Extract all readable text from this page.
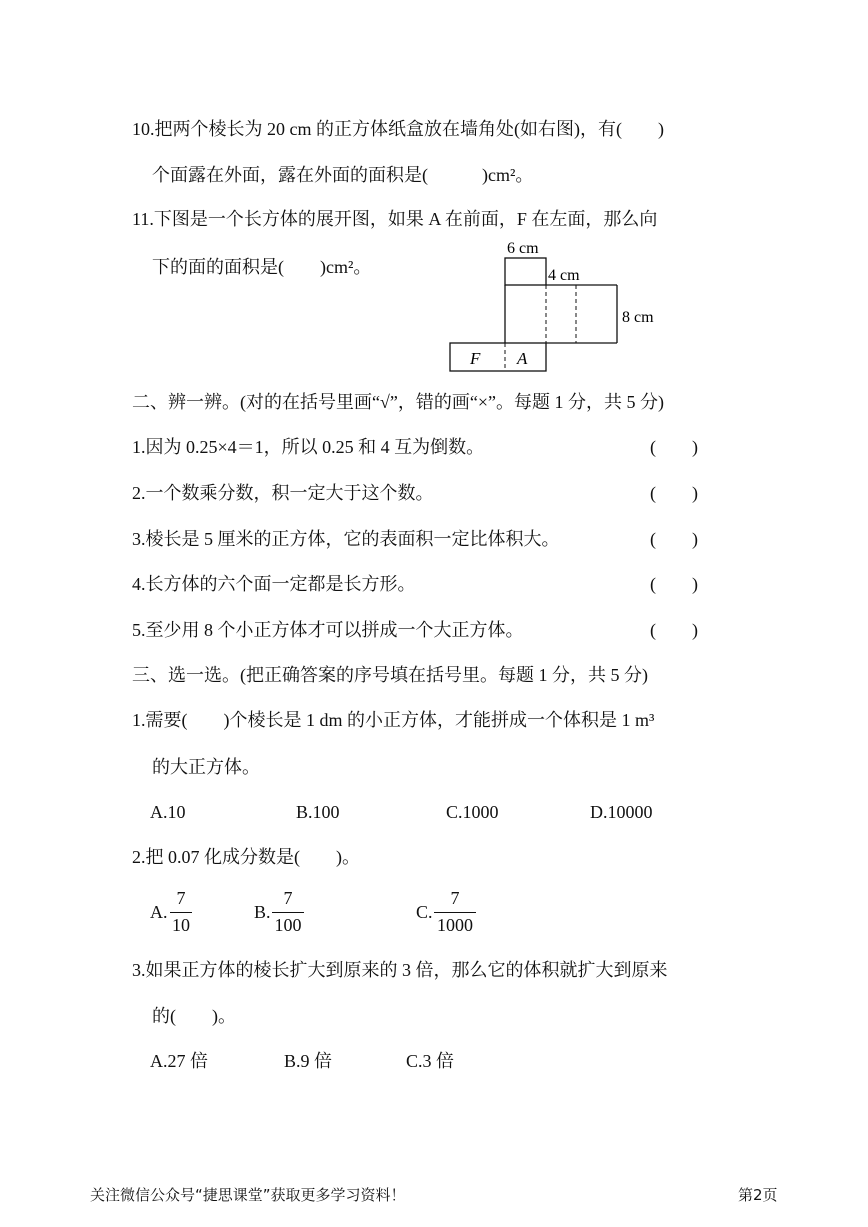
10.把两个棱长为 20 cm 的正方体纸盒放在墙角处(如右图)，有(　　)
个面露在外面，露在外面的面积是(　　　)cm²。
11.下图是一个长方体的展开图，如果 A 在前面，F 在左面，那么向
下的面的面积是(　　)cm²。
6 cm
4 cm
8 cm
F A
二、辨一辨。(对的在括号里画“√”，错的画“×”。每题 1 分，共 5 分)
1.因为 0.25×4＝1，所以 0.25 和 4 互为倒数。	(　　)
2.一个数乘分数，积一定大于这个数。	(　　)
3.棱长是 5 厘米的正方体，它的表面积一定比体积大。	(　　)
4.长方体的六个面一定都是长方形。	(　　)
5.至少用 8 个小正方体才可以拼成一个大正方体。	(　　)
三、选一选。(把正确答案的序号填在括号里。每题 1 分，共 5 分)
1.需要(　　)个棱长是 1 dm 的小正方体，才能拼成一个体积是 1 m³
的大正方体。
A.10	B.100	C.1000	D.10000
2.把 0.07 化成分数是(　　)。
A.
7
10
B.
7
100
C.
7
1000
3.如果正方体的棱长扩大到原来的 3 倍，那么它的体积就扩大到原来
的(　　)。
A.27 倍	B.9 倍	C.3 倍
关注微信公众号“捷思课堂”获取更多学习资料！	第2页
